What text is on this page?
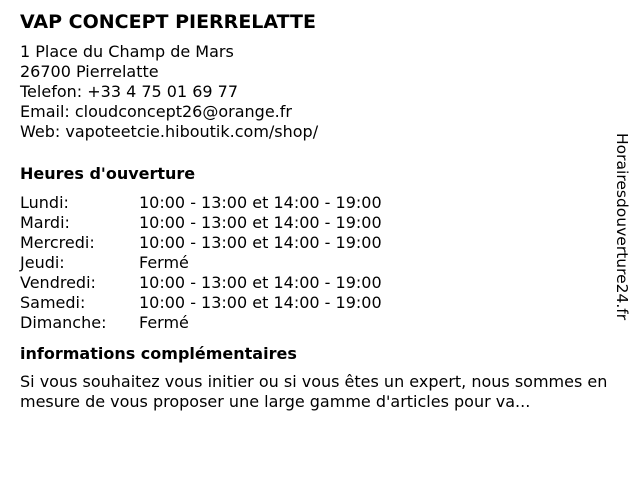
VAP CONCEPT PIERRELATTE
1 Place du Champ de Mars
26700 Pierrelatte
Telefon: +33 4 75 01 69 77
Email: cloudconcept26@orange.fr
Web: vapoteetcie.hiboutik.com/shop/
Heures d'ouverture
Lundi:	10:00 - 13:00 et 14:00 - 19:00
Mardi:	10:00 - 13:00 et 14:00 - 19:00
Mercredi:	10:00 - 13:00 et 14:00 - 19:00
Jeudi:	Fermé
Vendredi:	10:00 - 13:00 et 14:00 - 19:00
Samedi:	10:00 - 13:00 et 14:00 - 19:00
Dimanche:	Fermé
informations complémentaires
Si vous souhaitez vous initier ou si vous êtes un expert, nous sommes en mesure de vous proposer une large gamme d'articles pour va...
Horairesdouverture24.fr
